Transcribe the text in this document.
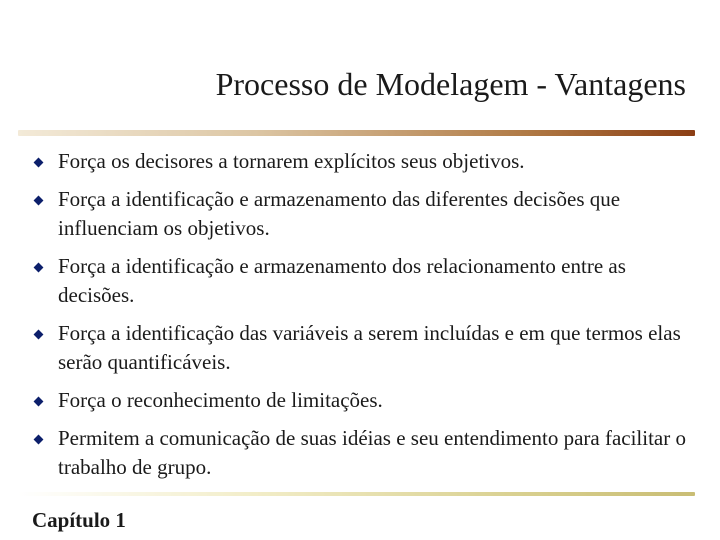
Processo de Modelagem - Vantagens
Força os decisores a tornarem explícitos seus objetivos.
Força a identificação e armazenamento das diferentes decisões que influenciam os objetivos.
Força a identificação e armazenamento dos relacionamento entre as decisões.
Força a identificação das variáveis a serem incluídas e em que termos elas serão quantificáveis.
Força o reconhecimento de limitações.
Permitem a comunicação de suas idéias e seu entendimento para facilitar o trabalho de grupo.
Capítulo 1
